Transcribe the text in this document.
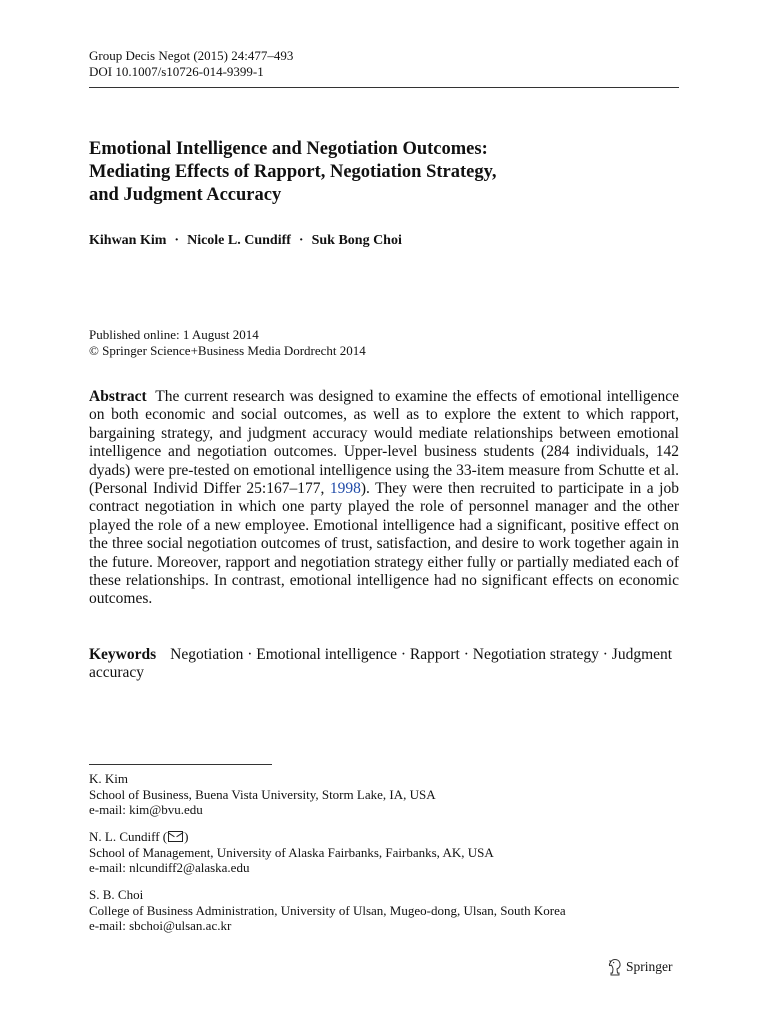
Group Decis Negot (2015) 24:477–493
DOI 10.1007/s10726-014-9399-1
Emotional Intelligence and Negotiation Outcomes:
Mediating Effects of Rapport, Negotiation Strategy,
and Judgment Accuracy
Kihwan Kim · Nicole L. Cundiff · Suk Bong Choi
Published online: 1 August 2014
© Springer Science+Business Media Dordrecht 2014
Abstract The current research was designed to examine the effects of emotional intelligence on both economic and social outcomes, as well as to explore the extent to which rapport, bargaining strategy, and judgment accuracy would mediate relationships between emotional intelligence and negotiation outcomes. Upper-level business students (284 individuals, 142 dyads) were pre-tested on emotional intelligence using the 33-item measure from Schutte et al. (Personal Individ Differ 25:167–177, 1998). They were then recruited to participate in a job contract negotiation in which one party played the role of personnel manager and the other played the role of a new employee. Emotional intelligence had a significant, positive effect on the three social negotiation outcomes of trust, satisfaction, and desire to work together again in the future. Moreover, rapport and negotiation strategy either fully or partially mediated each of these relationships. In contrast, emotional intelligence had no significant effects on economic outcomes.
Keywords Negotiation · Emotional intelligence · Rapport · Negotiation strategy · Judgment accuracy
K. Kim
School of Business, Buena Vista University, Storm Lake, IA, USA
e-mail: kim@bvu.edu
N. L. Cundiff ( )
School of Management, University of Alaska Fairbanks, Fairbanks, AK, USA
e-mail: nlcundiff2@alaska.edu
S. B. Choi
College of Business Administration, University of Ulsan, Mugeo-dong, Ulsan, South Korea
e-mail: sbchoi@ulsan.ac.kr
Springer
